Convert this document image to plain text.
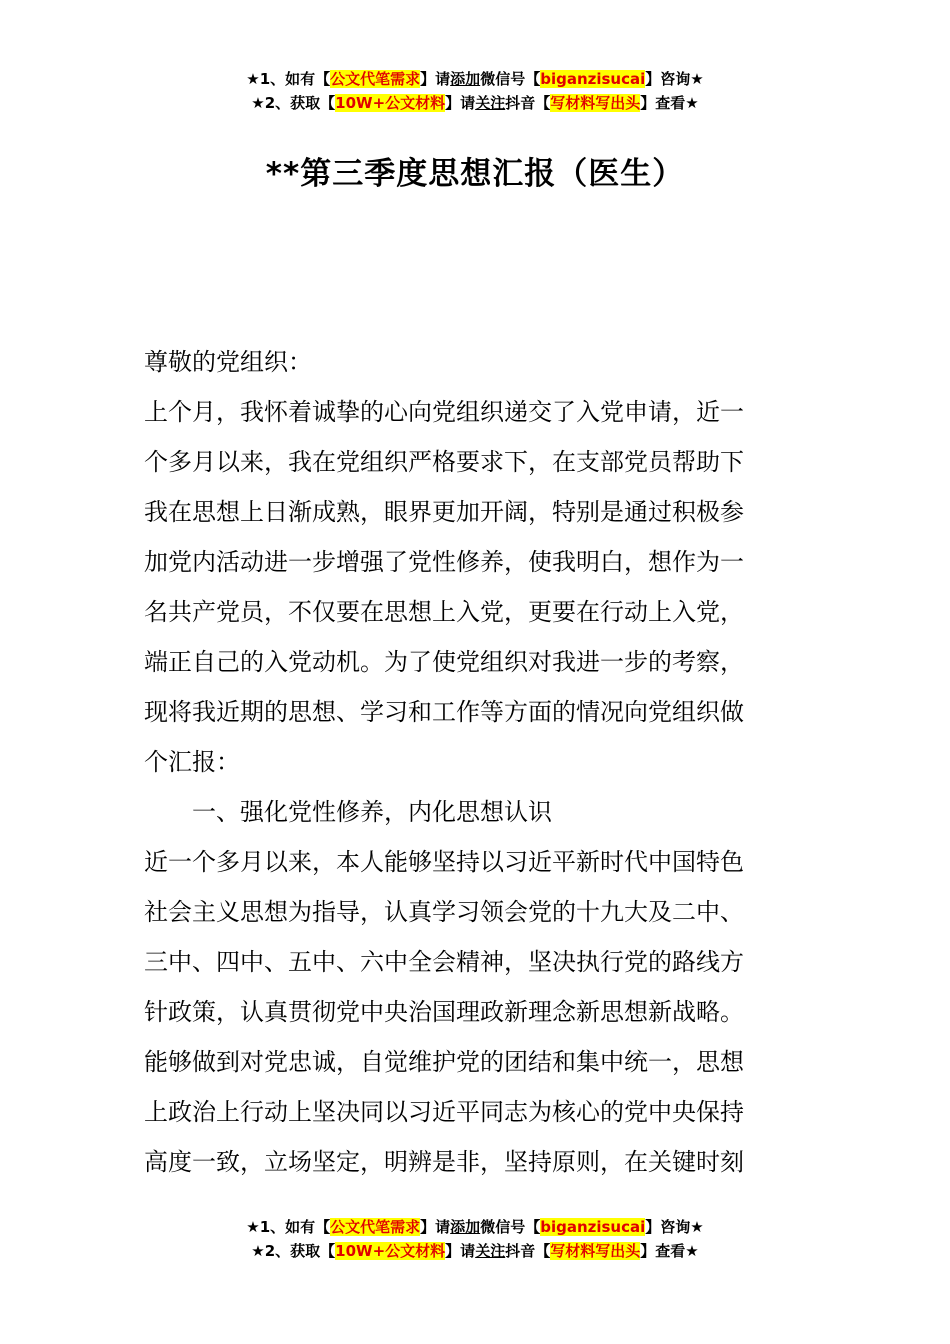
★1、如有【公文代笔需求】请添加微信号【biganzisucai】咨询★
★2、获取【10W+公文材料】请关注抖音【写材料写出头】查看★
**第三季度思想汇报（医生）

尊敬的党组织：

上个月，我怀着诚挚的心向党组织递交了入党申请，近一

个多月以来，我在党组织严格要求下，在支部党员帮助下

我在思想上日渐成熟，眼界更加开阔，特别是通过积极参

加党内活动进一步增强了党性修养，使我明白，想作为一

名共产党员，不仅要在思想上入党，更要在行动上入党，

端正自己的入党动机。为了使党组织对我进一步的考察，

现将我近期的思想、学习和工作等方面的情况向党组织做

个汇报：

一、强化党性修养，内化思想认识

近一个多月以来，本人能够坚持以习近平新时代中国特色

社会主义思想为指导，认真学习领会党的十九大及二中、

三中、四中、五中、六中全会精神，坚决执行党的路线方

针政策，认真贯彻党中央治国理政新理念新思想新战略。

能够做到对党忠诚，自觉维护党的团结和集中统一，思想

上政治上行动上坚决同以习近平同志为核心的党中央保持

高度一致，立场坚定，明辨是非，坚持原则，在关键时刻

★1、如有【公文代笔需求】请添加微信号【biganzisucai】咨询★
★2、获取【10W+公文材料】请关注抖音【写材料写出头】查看★
